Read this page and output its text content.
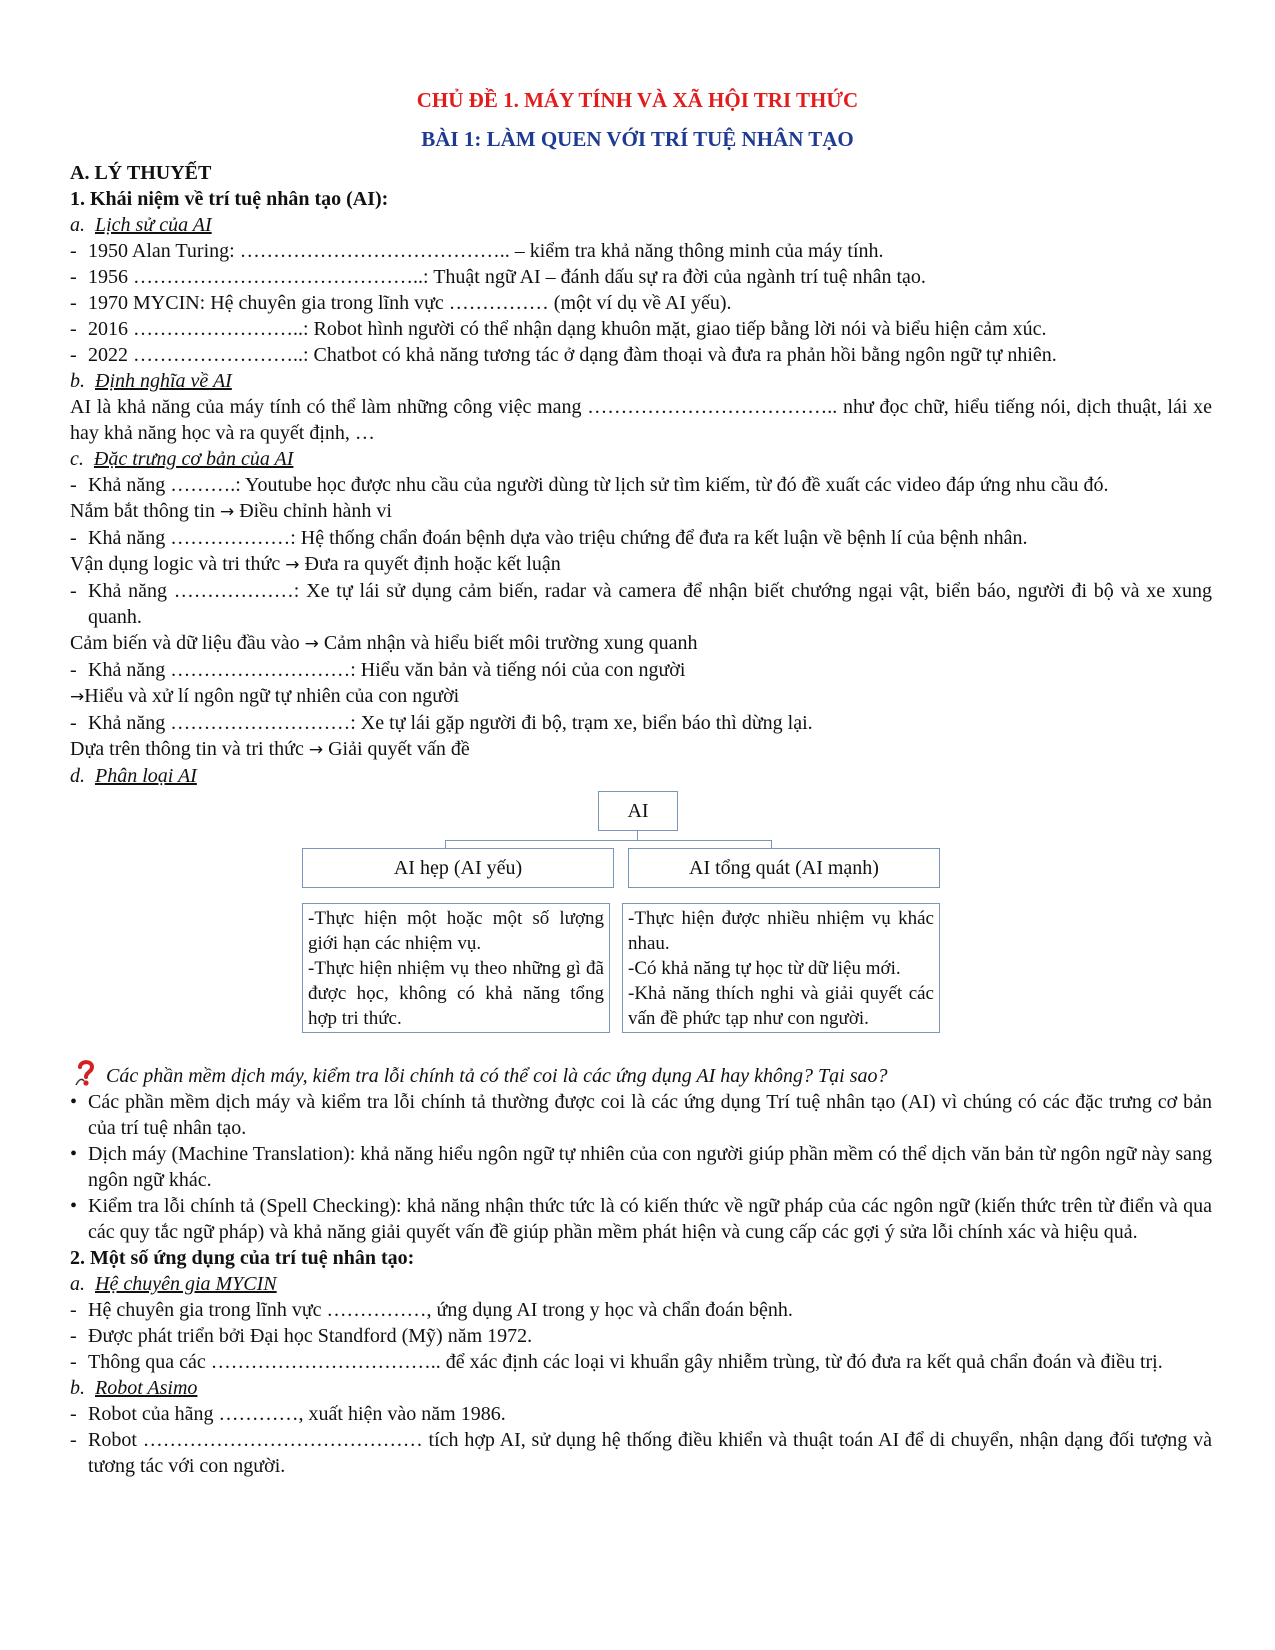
CHỦ ĐỀ 1. MÁY TÍNH VÀ XÃ HỘI TRI THỨC
BÀI 1: LÀM QUEN VỚI TRÍ TUỆ NHÂN TẠO
A. LÝ THUYẾT
1. Khái niệm về trí tuệ nhân tạo (AI):
a. Lịch sử của AI
- 1950 Alan Turing: ………………………………….. – kiểm tra khả năng thông minh của máy tính.
- 1956 ……………………………………..: Thuật ngữ AI – đánh dấu sự ra đời của ngành trí tuệ nhân tạo.
- 1970 MYCIN: Hệ chuyên gia trong lĩnh vực …………… (một ví dụ về AI yếu).
- 2016 ……………………..: Robot hình người có thể nhận dạng khuôn mặt, giao tiếp bằng lời nói và biểu hiện cảm xúc.
- 2022 ……………………..: Chatbot có khả năng tương tác ở dạng đàm thoại và đưa ra phản hồi bằng ngôn ngữ tự nhiên.
b. Định nghĩa về AI
AI là khả năng của máy tính có thể làm những công việc mang ……………………………….. như đọc chữ, hiểu tiếng nói, dịch thuật, lái xe hay khả năng học và ra quyết định, …
c. Đặc trưng cơ bản của AI
- Khả năng ……….: Youtube học được nhu cầu của người dùng từ lịch sử tìm kiếm, từ đó đề xuất các video đáp ứng nhu cầu đó.
Nắm bắt thông tin → Điều chỉnh hành vi
- Khả năng ………………: Hệ thống chẩn đoán bệnh dựa vào triệu chứng để đưa ra kết luận về bệnh lí của bệnh nhân.
Vận dụng logic và tri thức → Đưa ra quyết định hoặc kết luận
- Khả năng ………………: Xe tự lái sử dụng cảm biến, radar và camera để nhận biết chướng ngại vật, biển báo, người đi bộ và xe xung quanh.
Cảm biến và dữ liệu đầu vào → Cảm nhận và hiểu biết môi trường xung quanh
- Khả năng ………………………: Hiểu văn bản và tiếng nói của con người
→Hiểu và xử lí ngôn ngữ tự nhiên của con người
- Khả năng ………………………: Xe tự lái gặp người đi bộ, trạm xe, biển báo thì dừng lại.
Dựa trên thông tin và tri thức → Giải quyết vấn đề
d. Phân loại AI
AI
AI hẹp (AI yếu)	AI tổng quát (AI mạnh)
-Thực hiện một hoặc một số lượng giới hạn các nhiệm vụ.
-Thực hiện nhiệm vụ theo những gì đã được học, không có khả năng tổng hợp tri thức.
-Thực hiện được nhiều nhiệm vụ khác nhau.
-Có khả năng tự học từ dữ liệu mới.
-Khả năng thích nghi và giải quyết các vấn đề phức tạp như con người.
Các phần mềm dịch máy, kiểm tra lỗi chính tả có thể coi là các ứng dụng AI hay không? Tại sao?
• Các phần mềm dịch máy và kiểm tra lỗi chính tả thường được coi là các ứng dụng Trí tuệ nhân tạo (AI) vì chúng có các đặc trưng cơ bản của trí tuệ nhân tạo.
• Dịch máy (Machine Translation): khả năng hiểu ngôn ngữ tự nhiên của con người giúp phần mềm có thể dịch văn bản từ ngôn ngữ này sang ngôn ngữ khác.
• Kiểm tra lỗi chính tả (Spell Checking): khả năng nhận thức tức là có kiến thức về ngữ pháp của các ngôn ngữ (kiến thức trên từ điển và qua các quy tắc ngữ pháp) và khả năng giải quyết vấn đề giúp phần mềm phát hiện và cung cấp các gợi ý sửa lỗi chính xác và hiệu quả.
2. Một số ứng dụng của trí tuệ nhân tạo:
a. Hệ chuyên gia MYCIN
- Hệ chuyên gia trong lĩnh vực ……………, ứng dụng AI trong y học và chẩn đoán bệnh.
- Được phát triển bởi Đại học Standford (Mỹ) năm 1972.
- Thông qua các …………………………….. để xác định các loại vi khuẩn gây nhiễm trùng, từ đó đưa ra kết quả chẩn đoán và điều trị.
b. Robot Asimo
- Robot của hãng …………, xuất hiện vào năm 1986.
- Robot …………………………………… tích hợp AI, sử dụng hệ thống điều khiển và thuật toán AI để di chuyển, nhận dạng đối tượng và tương tác với con người.
